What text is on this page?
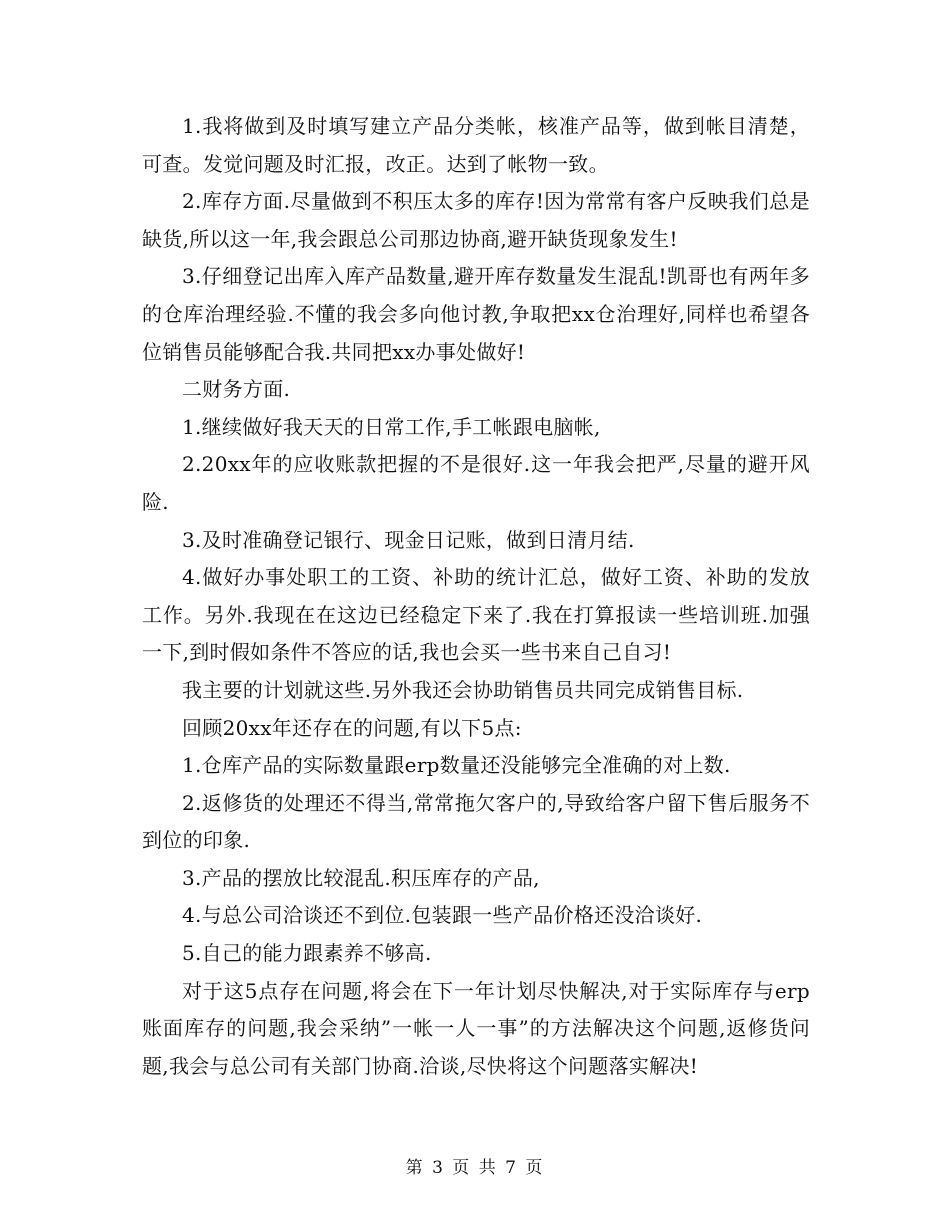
1.我将做到及时填写建立产品分类帐，核准产品等，做到帐目清楚，可查。发觉问题及时汇报，改正。达到了帐物一致。

2.库存方面.尽量做到不积压太多的库存!因为常常有客户反映我们总是缺货,所以这一年,我会跟总公司那边协商,避开缺货现象发生!

3.仔细登记出库入库产品数量,避开库存数量发生混乱!凯哥也有两年多的仓库治理经验.不懂的我会多向他讨教,争取把xx仓治理好,同样也希望各位销售员能够配合我.共同把xx办事处做好!

二财务方面.

1.继续做好我天天的日常工作,手工帐跟电脑帐,

2.20xx年的应收账款把握的不是很好.这一年我会把严,尽量的避开风险.

3.及时准确登记银行、现金日记账，做到日清月结.

4.做好办事处职工的工资、补助的统计汇总，做好工资、补助的发放工作。另外.我现在在这边已经稳定下来了.我在打算报读一些培训班.加强一下,到时假如条件不答应的话,我也会买一些书来自己自习!

我主要的计划就这些.另外我还会协助销售员共同完成销售目标.

回顾20xx年还存在的问题,有以下5点:

1.仓库产品的实际数量跟erp数量还没能够完全准确的对上数.

2.返修货的处理还不得当,常常拖欠客户的,导致给客户留下售后服务不到位的印象.

3.产品的摆放比较混乱.积压库存的产品,

4.与总公司洽谈还不到位.包装跟一些产品价格还没洽谈好.

5.自己的能力跟素养不够高.

对于这5点存在问题,将会在下一年计划尽快解决,对于实际库存与erp账面库存的问题,我会采纳”一帐一人一事”的方法解决这个问题,返修货问题,我会与总公司有关部门协商.洽谈,尽快将这个问题落实解决!

第 3 页 共 7 页
